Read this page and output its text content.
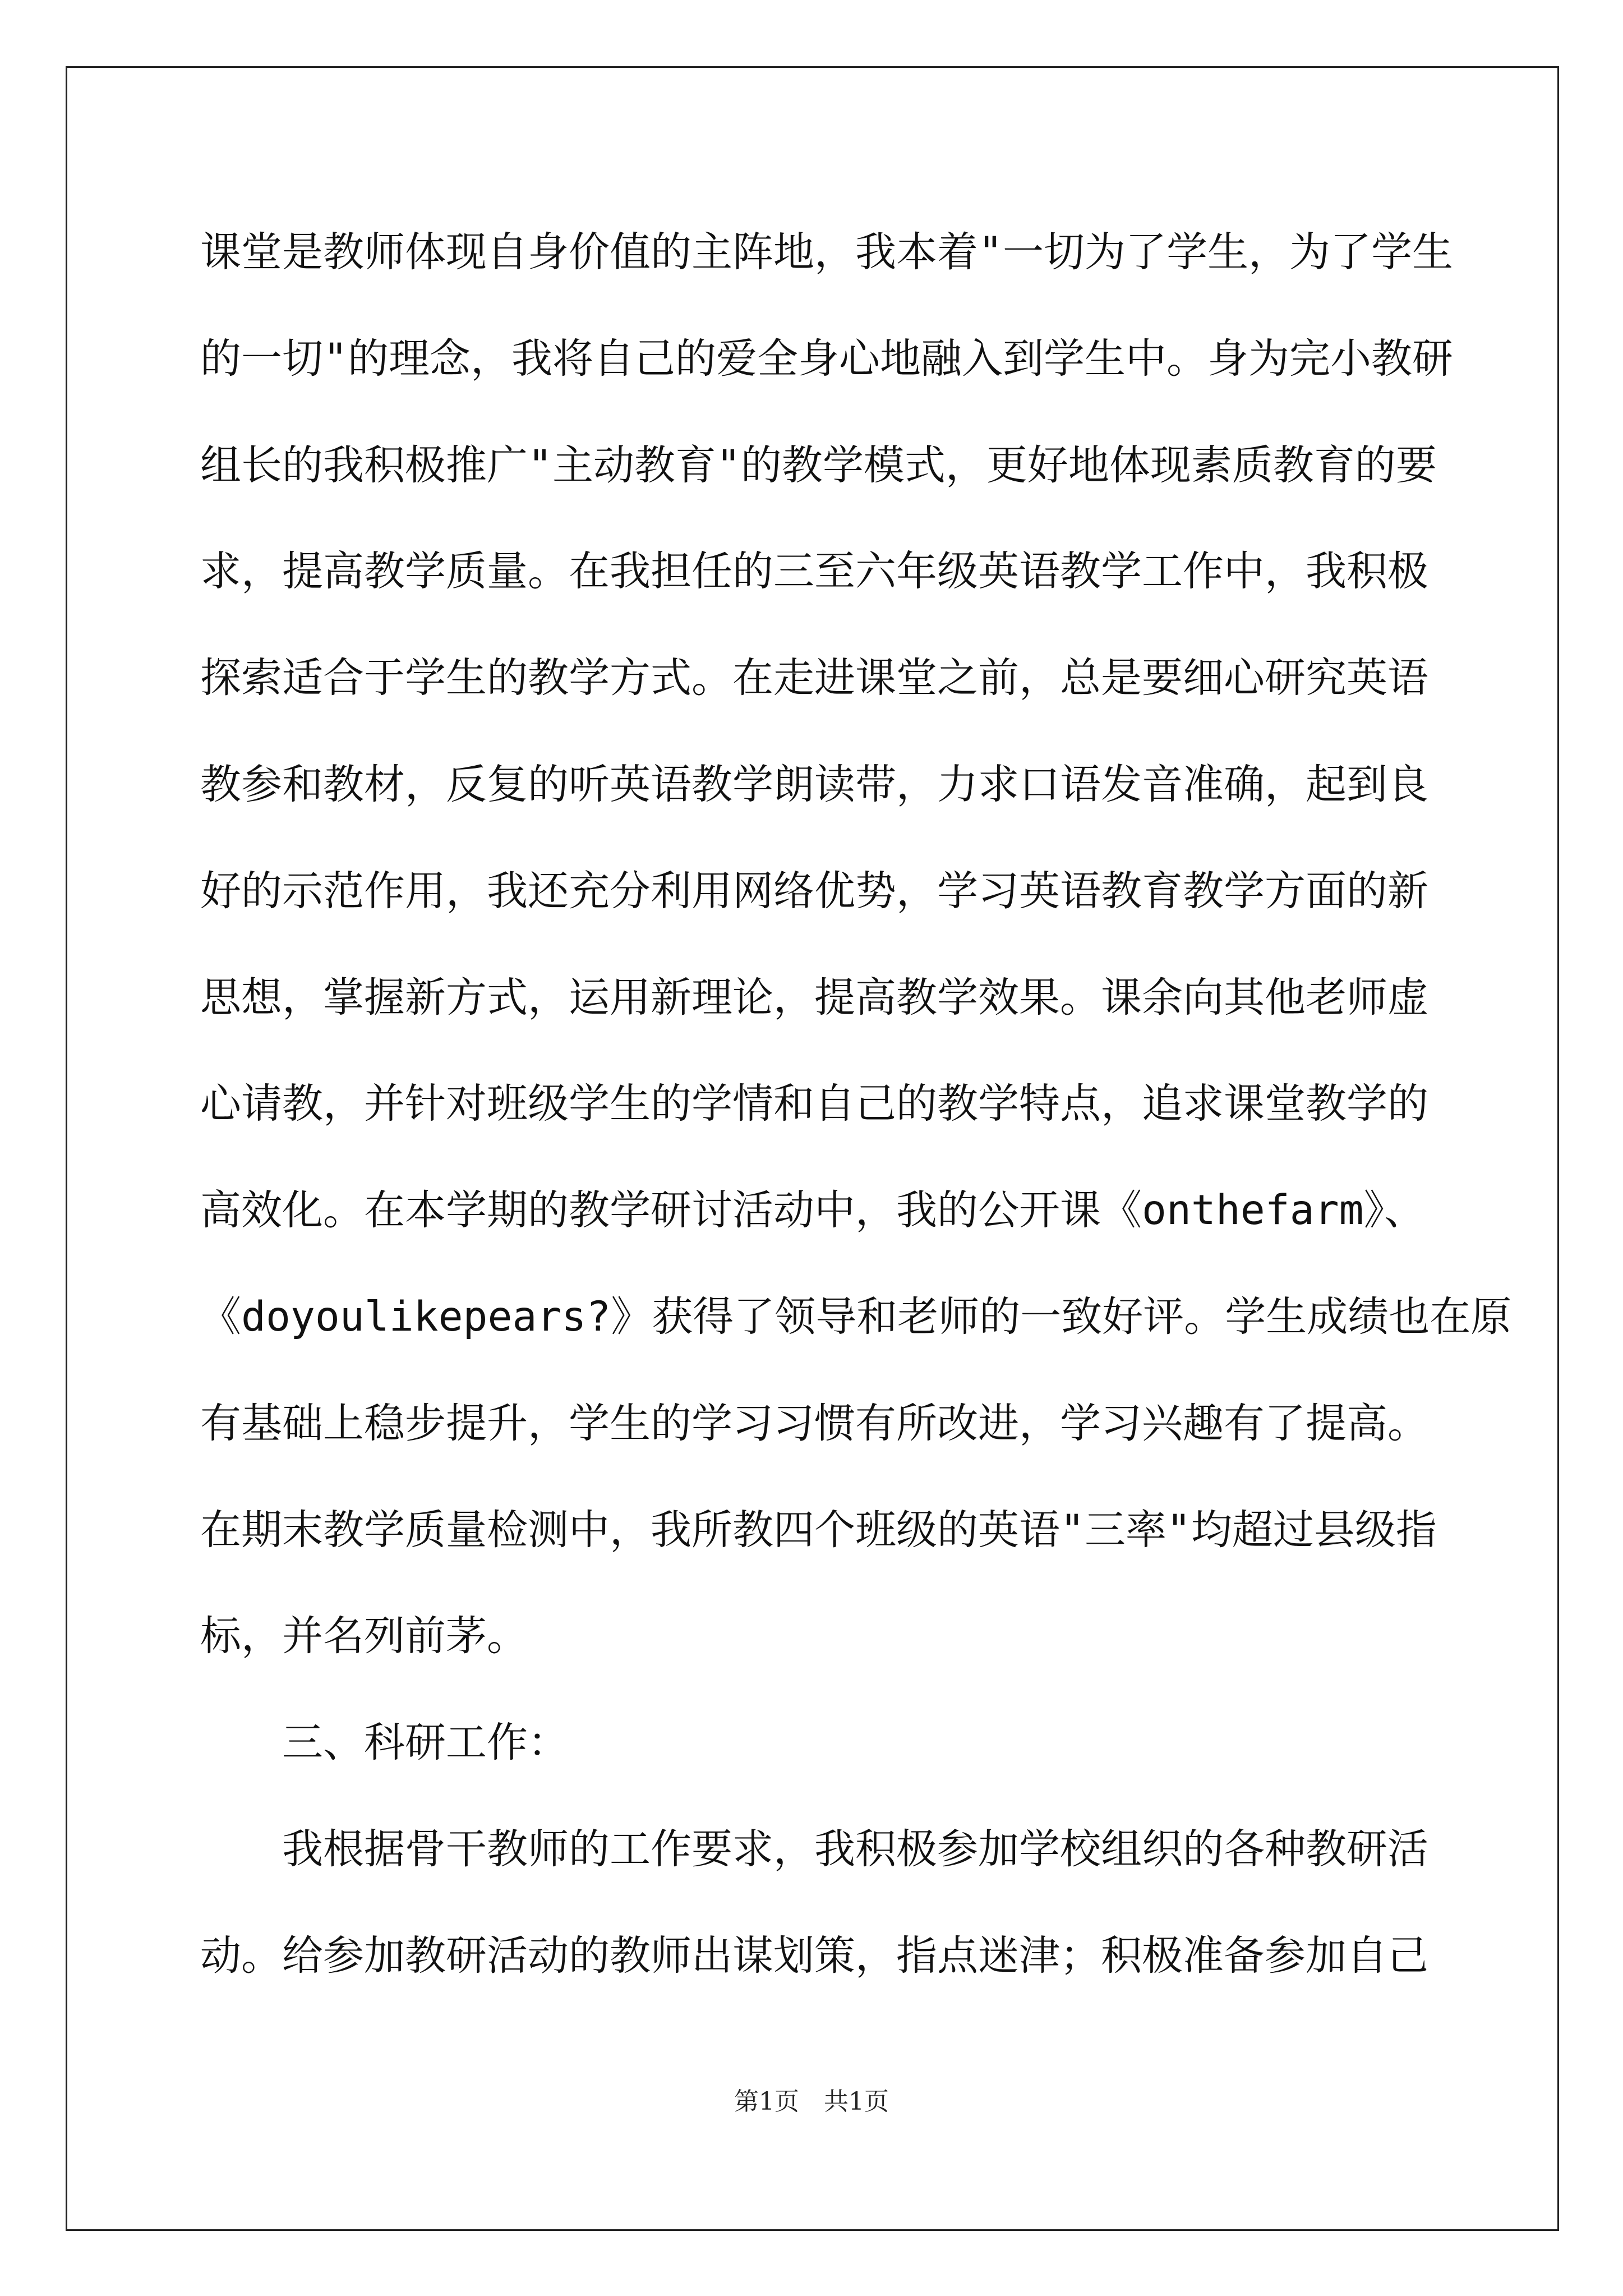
课堂是教师体现自身价值的主阵地，我本着"一切为了学生，为了学生
的一切"的理念，我将自己的爱全身心地融入到学生中。身为完小教研
组长的我积极推广"主动教育"的教学模式，更好地体现素质教育的要
求，提高教学质量。在我担任的三至六年级英语教学工作中，我积极
探索适合于学生的教学方式。在走进课堂之前，总是要细心研究英语
教参和教材，反复的听英语教学朗读带，力求口语发音准确，起到良
好的示范作用，我还充分利用网络优势，学习英语教育教学方面的新
思想，掌握新方式，运用新理论，提高教学效果。课余向其他老师虚
心请教，并针对班级学生的学情和自己的教学特点，追求课堂教学的
高效化。在本学期的教学研讨活动中，我的公开课《onthefarm》、
《doyoulikepears?》获得了领导和老师的一致好评。学生成绩也在原
有基础上稳步提升，学生的学习习惯有所改进，学习兴趣有了提高。
在期末教学质量检测中，我所教四个班级的英语"三率"均超过县级指
标，并名列前茅。
三、科研工作：
我根据骨干教师的工作要求，我积极参加学校组织的各种教研活
动。给参加教研活动的教师出谋划策，指点迷津；积极准备参加自己
第1页　共1页
